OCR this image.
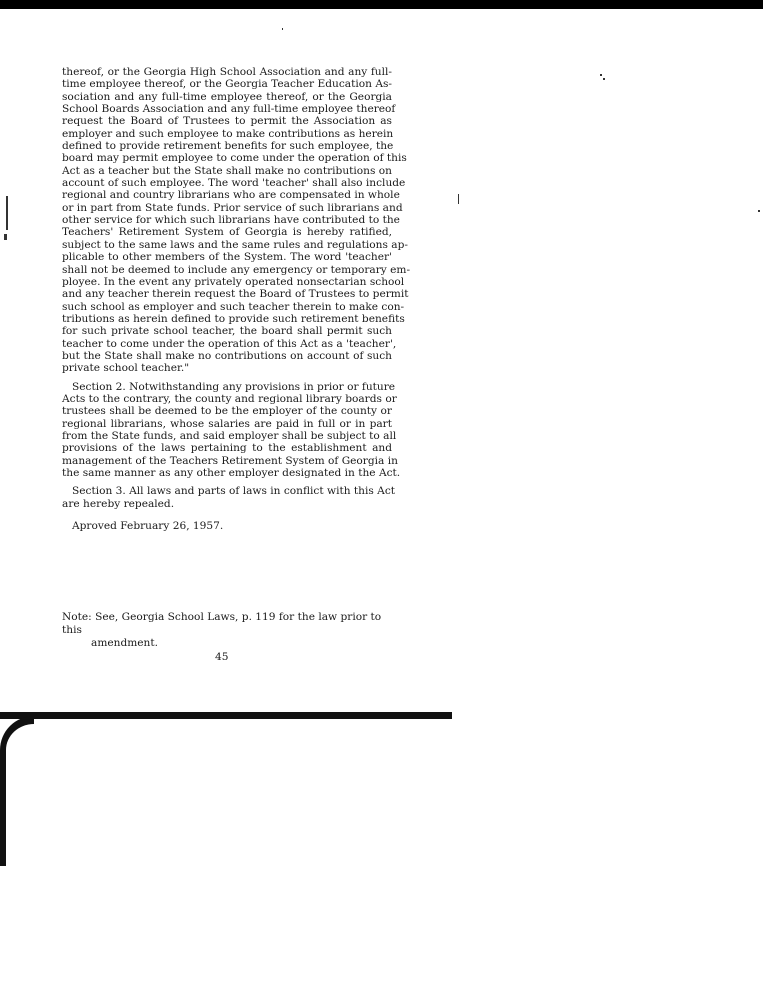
thereof, or the Georgia High School Association and any full-
time employee thereof, or the Georgia Teacher Education As-
sociation and any full-time employee thereof, or the Georgia
School Boards Association and any full-time employee thereof
request the Board of Trustees to permit the Association as
employer and such employee to make contributions as herein
defined to provide retirement benefits for such employee, the
board may permit employee to come under the operation of this
Act as a teacher but the State shall make no contributions on
account of such employee. The word 'teacher' shall also include
regional and country librarians who are compensated in whole
or in part from State funds. Prior service of such librarians and
other service for which such librarians have contributed to the
Teachers' Retirement System of Georgia is hereby ratified,
subject to the same laws and the same rules and regulations ap-
plicable to other members of the System. The word 'teacher'
shall not be deemed to include any emergency or temporary em-
ployee. In the event any privately operated nonsectarian school
and any teacher therein request the Board of Trustees to permit
such school as employer and such teacher therein to make con-
tributions as herein defined to provide such retirement benefits
for such private school teacher, the board shall permit such
teacher to come under the operation of this Act as a 'teacher',
but the State shall make no contributions on account of such
private school teacher."
Section 2. Notwithstanding any provisions in prior or future
Acts to the contrary, the county and regional library boards or
trustees shall be deemed to be the employer of the county or
regional librarians, whose salaries are paid in full or in part
from the State funds, and said employer shall be subject to all
provisions of the laws pertaining to the establishment and
management of the Teachers Retirement System of Georgia in
the same manner as any other employer designated in the Act.
Section 3. All laws and parts of laws in conflict with this Act
are hereby repealed.
Aproved February 26, 1957.
Note: See, Georgia School Laws, p. 119 for the law prior to this
amendment.
45
